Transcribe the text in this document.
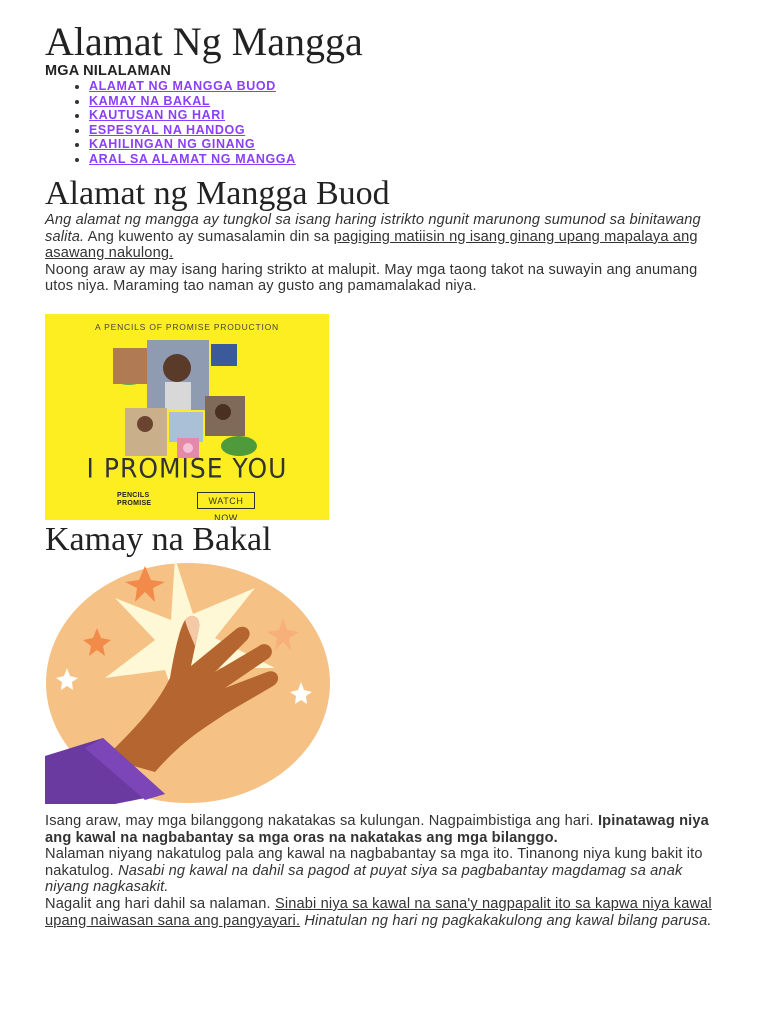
Alamat Ng Mangga
MGA NILALAMAN
• ALAMAT NG MANGGA BUOD
• KAMAY NA BAKAL
• KAUTUSAN NG HARI
• ESPESYAL NA HANDOG
• KAHILINGAN NG GINANG
• ARAL SA ALAMAT NG MANGGA
Alamat ng Mangga Buod

Ang alamat ng mangga ay tungkol sa isang haring istrikto ngunit marunong sumunod sa binitawang salita. Ang kuwento ay sumasalamin din sa pagiging matiisin ng isang ginang upang mapalaya ang asawang nakulong.

Noong araw ay may isang haring strikto at malupit. May mga taong takot na suwayin ang anumang utos niya. Maraming tao naman ay gusto ang pamamalakad niya.

A PENCILS OF PROMISE PRODUCTION
I PROMISE YOU
PENCILS
PROMISE	WATCH NOW
Kamay na Bakal

Isang araw, may mga bilanggong nakatakas sa kulungan. Nagpaimbistiga ang hari. Ipinatawag niya ang kawal na nagbabantay sa mga oras na nakatakas ang mga bilanggo.

Nalaman niyang nakatulog pala ang kawal na nagbabantay sa mga ito. Tinanong niya kung bakit ito nakatulog. Nasabi ng kawal na dahil sa pagod at puyat siya sa pagbabantay magdamag sa anak niyang nagkasakit.

Nagalit ang hari dahil sa nalaman. Sinabi niya sa kawal na sana'y nagpapalit ito sa kapwa niya kawal upang naiwasan sana ang pangyayari. Hinatulan ng hari ng pagkakakulong ang kawal bilang parusa.
